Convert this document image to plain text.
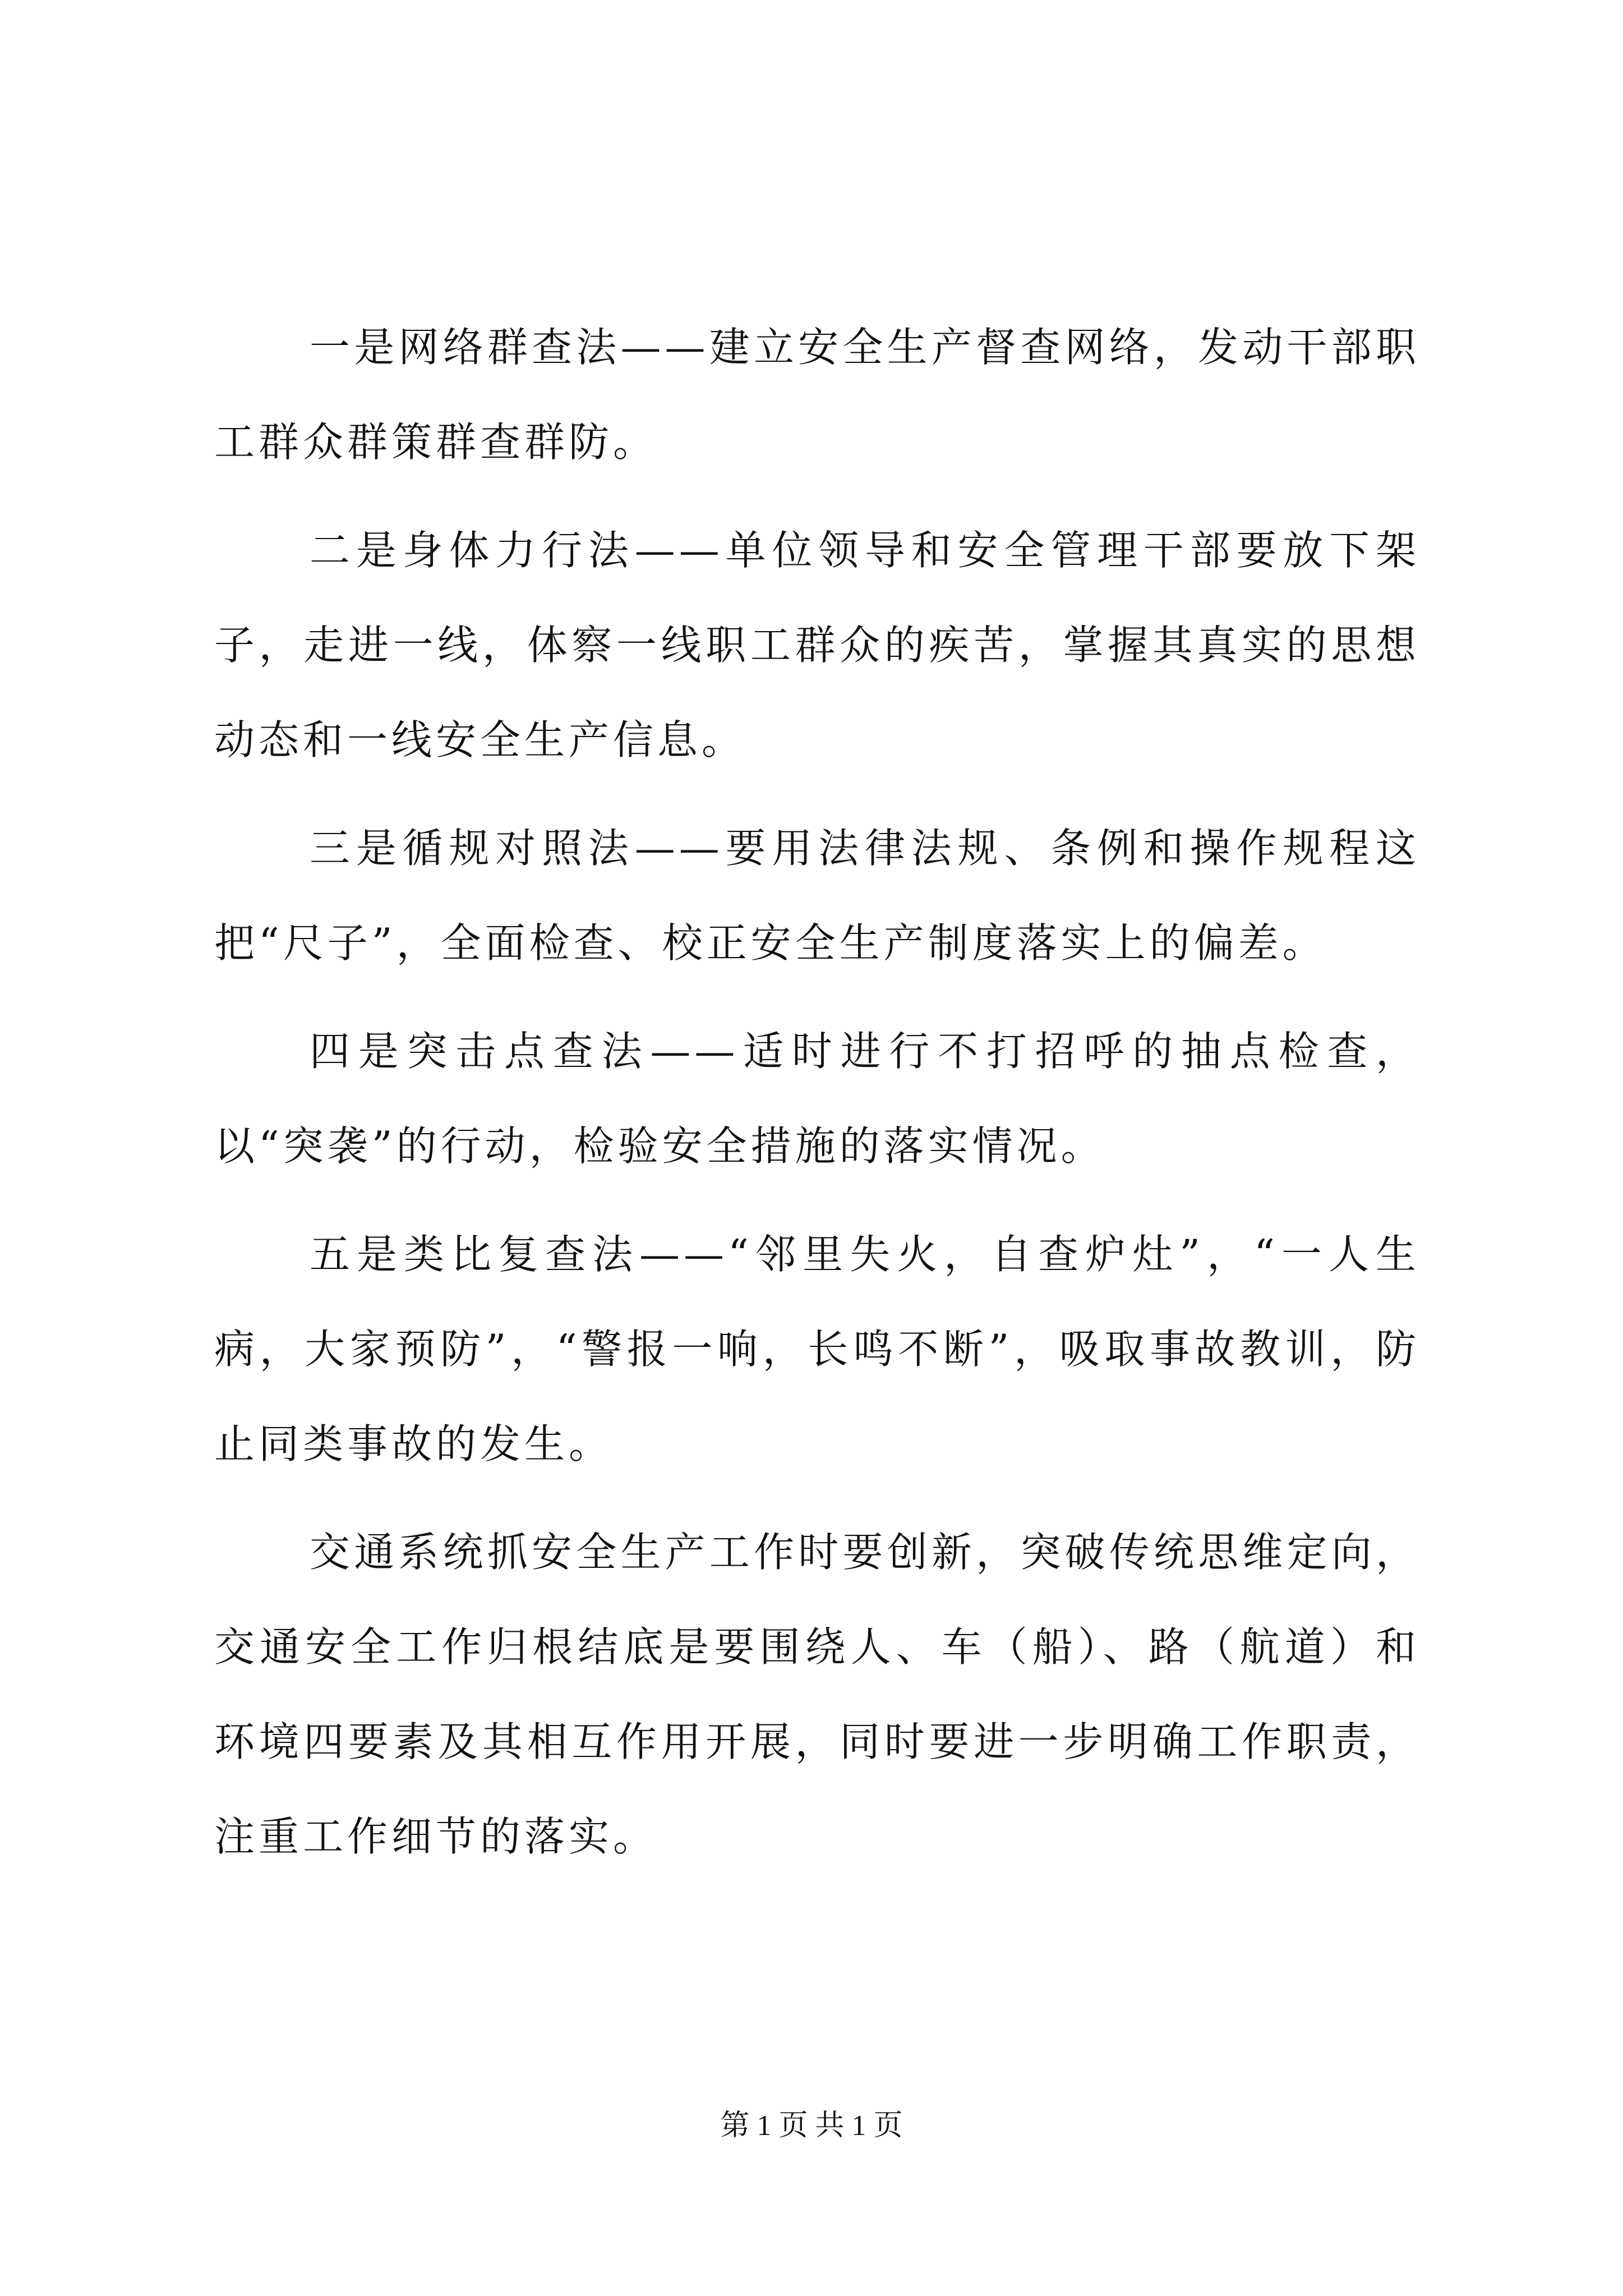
一是网络群查法——建立安全生产督查网络，发动干部职工群众群策群查群防。

二是身体力行法——单位领导和安全管理干部要放下架子，走进一线，体察一线职工群众的疾苦，掌握其真实的思想动态和一线安全生产信息。

三是循规对照法——要用法律法规、条例和操作规程这把“尺子”，全面检查、校正安全生产制度落实上的偏差。

四是突击点查法——适时进行不打招呼的抽点检查，以“突袭”的行动，检验安全措施的落实情况。

五是类比复查法——“邻里失火，自查炉灶”，“一人生病，大家预防”，“警报一响，长鸣不断”，吸取事故教训，防止同类事故的发生。

交通系统抓安全生产工作时要创新，突破传统思维定向，交通安全工作归根结底是要围绕人、车（船）、路（航道）和环境四要素及其相互作用开展，同时要进一步明确工作职责，注重工作细节的落实。

第 1 页 共 1 页
